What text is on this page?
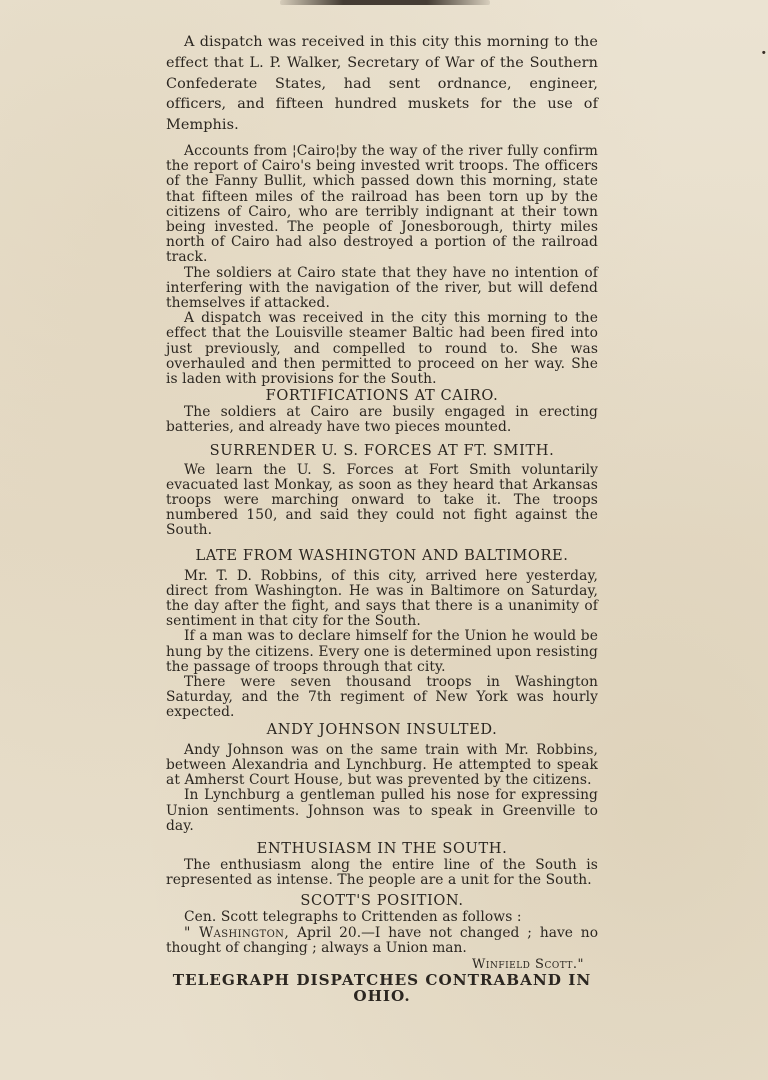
·

A dispatch was received in this city this morning to the effect that L. P. Walker, Secretary of War of the Southern Confederate States, had sent ordnance, engineer, officers, and fifteen hundred muskets for the use of Memphis.

Accounts from ¦Cairo¦by the way of the river fully confirm the report of Cairo's being invested writ troops. The officers of the Fanny Bullit, which passed down this morning, state that fifteen miles of the railroad has been torn up by the citizens of Cairo, who are terribly indignant at their town being invested. The people of Jonesborough, thirty miles north of Cairo had also destroyed a portion of the railroad track.

The soldiers at Cairo state that they have no intention of interfering with the navigation of the river, but will defend themselves if attacked.

A dispatch was received in the city this morning to the effect that the Louisville steamer Baltic had been fired into just previously, and compelled to round to. She was overhauled and then permitted to proceed on her way. She is laden with provisions for the South.

FORTIFICATIONS AT CAIRO.

The soldiers at Cairo are busily engaged in erecting batteries, and already have two pieces mounted.

SURRENDER U. S. FORCES AT FT. SMITH.

We learn the U. S. Forces at Fort Smith voluntarily evacuated last Monkay, as soon as they heard that Arkansas troops were marching onward to take it. The troops numbered 150, and said they could not fight against the South.

LATE FROM WASHINGTON AND BALTIMORE.

Mr. T. D. Robbins, of this city, arrived here yesterday, direct from Washington. He was in Baltimore on Saturday, the day after the fight, and says that there is a unanimity of sentiment in that city for the South.

If a man was to declare himself for the Union he would be hung by the citizens. Every one is determined upon resisting the passage of troops through that city.

There were seven thousand troops in Washington Saturday, and the 7th regiment of New York was hourly expected.

ANDY JOHNSON INSULTED.

Andy Johnson was on the same train with Mr. Robbins, between Alexandria and Lynchburg. He attempted to speak at Amherst Court House, but was prevented by the citizens.

In Lynchburg a gentleman pulled his nose for expressing Union sentiments. Johnson was to speak in Greenville to day.

ENTHUSIASM IN THE SOUTH.

The enthusiasm along the entire line of the South is represented as intense. The people are a unit for the South.

SCOTT'S POSITION.

Cen. Scott telegraphs to Crittenden as follows :

" Washington, April 20.—I have not changed ; have no thought of changing ; always a Union man.

Winfield Scott."

TELEGRAPH DISPATCHES CONTRABAND IN OHIO.
